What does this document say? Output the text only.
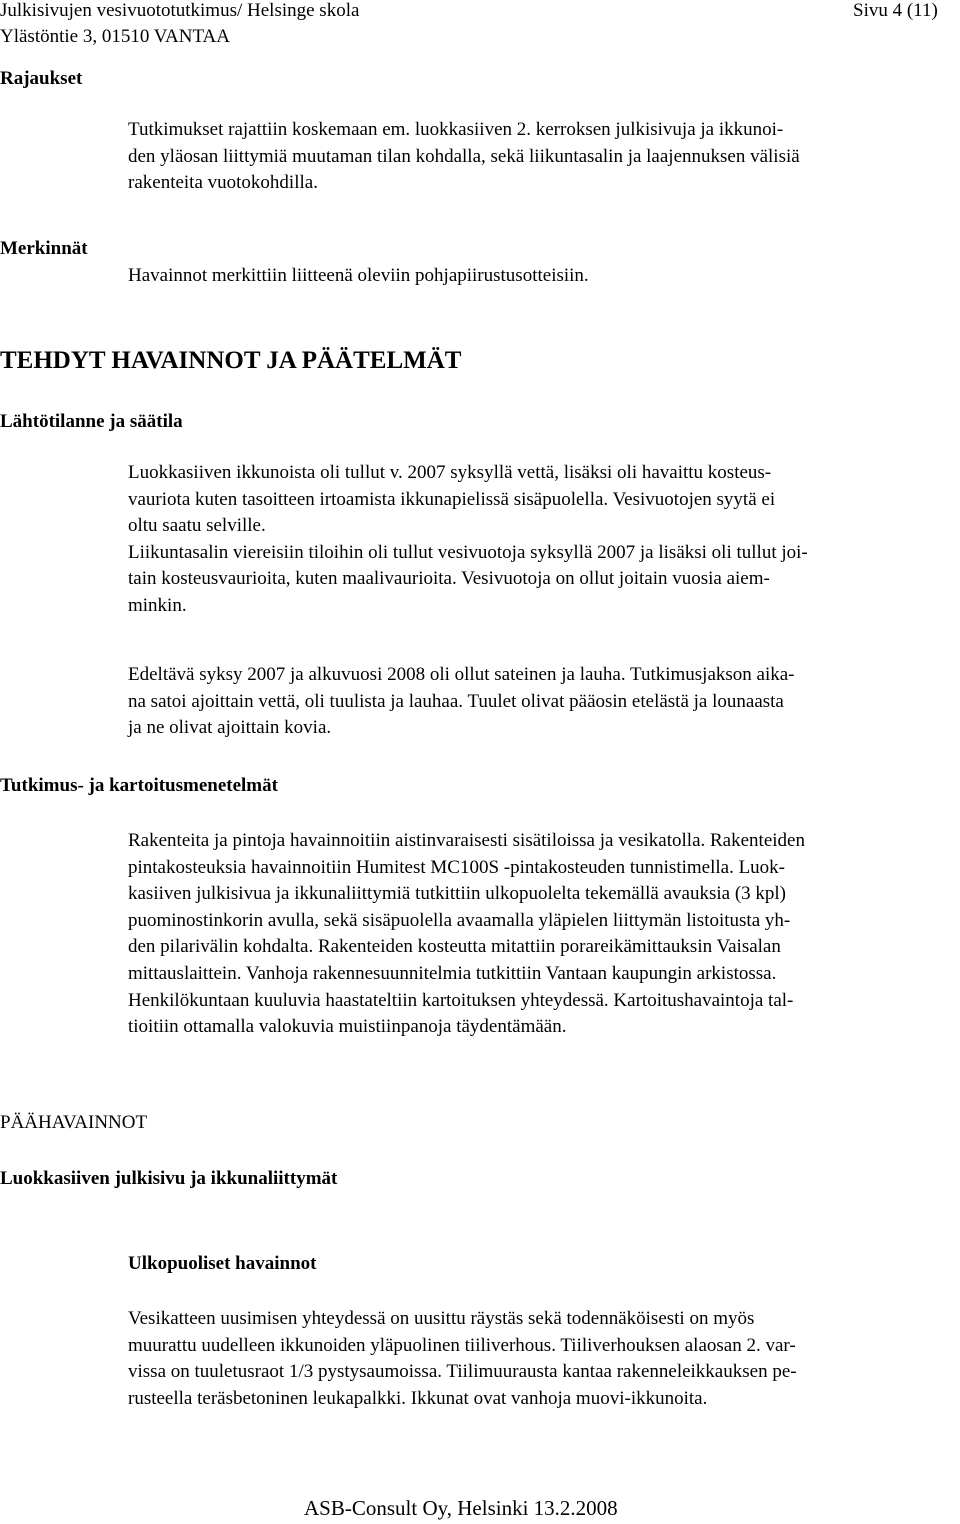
Julkisivujen vesivuototutkimus/ Helsinge skola
Ylästöntie 3, 01510 VANTAA
Sivu 4 (11)
Rajaukset
Tutkimukset rajattiin koskemaan em. luokkasiiven 2. kerroksen julkisivuja ja ikkunoi-
den yläosan liittymiä muutaman tilan kohdalla, sekä liikuntasalin ja laajennuksen välisiä
rakenteita vuotokohdilla.
Merkinnät
Havainnot merkittiin liitteenä oleviin pohjapiirustusotteisiin.
TEHDYT HAVAINNOT JA PÄÄTELMÄT
Lähtötilanne ja säätila
Luokkasiiven ikkunoista oli tullut v. 2007 syksyllä vettä, lisäksi oli havaittu kosteus-
vauriota kuten tasoitteen irtoamista ikkunapielissä sisäpuolella. Vesivuotojen syytä ei
oltu saatu selville.
Liikuntasalin viereisiin tiloihin oli tullut vesivuotoja syksyllä 2007 ja lisäksi oli tullut joi-
tain kosteusvaurioita, kuten maalivaurioita. Vesivuotoja on ollut joitain vuosia aiem-
minkin.
Edeltävä syksy 2007 ja alkuvuosi 2008 oli ollut sateinen ja lauha. Tutkimusjakson aika-
na satoi ajoittain vettä, oli tuulista ja lauhaa. Tuulet olivat pääosin etelästä ja lounaasta
ja ne olivat ajoittain kovia.
Tutkimus- ja kartoitusmenetelmät
Rakenteita ja pintoja havainnoitiin aistinvaraisesti sisätiloissa ja vesikatolla. Rakenteiden
pintakosteuksia havainnoitiin Humitest MC100S -pintakosteuden tunnistimella. Luok-
kasiiven julkisivua ja ikkunaliittymiä tutkittiin ulkopuolelta tekemällä avauksia (3 kpl)
puominostinkorin avulla, sekä sisäpuolella avaamalla yläpielen liittymän listoitusta yh-
den pilarivälin kohdalta. Rakenteiden kosteutta mitattiin porareikämittauksin Vaisalan
mittauslaittein. Vanhoja rakennesuunnitelmia tutkittiin Vantaan kaupungin arkistossa.
Henkilökuntaan kuuluvia haastateltiin kartoituksen yhteydessä. Kartoitushavaintoja tal-
tioitiin ottamalla valokuvia muistiinpanoja täydentämään.
PÄÄHAVAINNOT
Luokkasiiven julkisivu ja ikkunaliittymät
Ulkopuoliset havainnot
Vesikatteen uusimisen yhteydessä on uusittu räystäs sekä todennäköisesti on myös
muurattu uudelleen ikkunoiden yläpuolinen tiiliverhous. Tiiliverhouksen alaosan 2. var-
vissa on tuuletusraot 1/3 pystysaumoissa. Tiilimuurausta kantaa rakenneleikkauksen pe-
rusteella teräsbetoninen leukapalkki. Ikkunat ovat vanhoja muovi-ikkunoita.
ASB-Consult Oy, Helsinki 13.2.2008
